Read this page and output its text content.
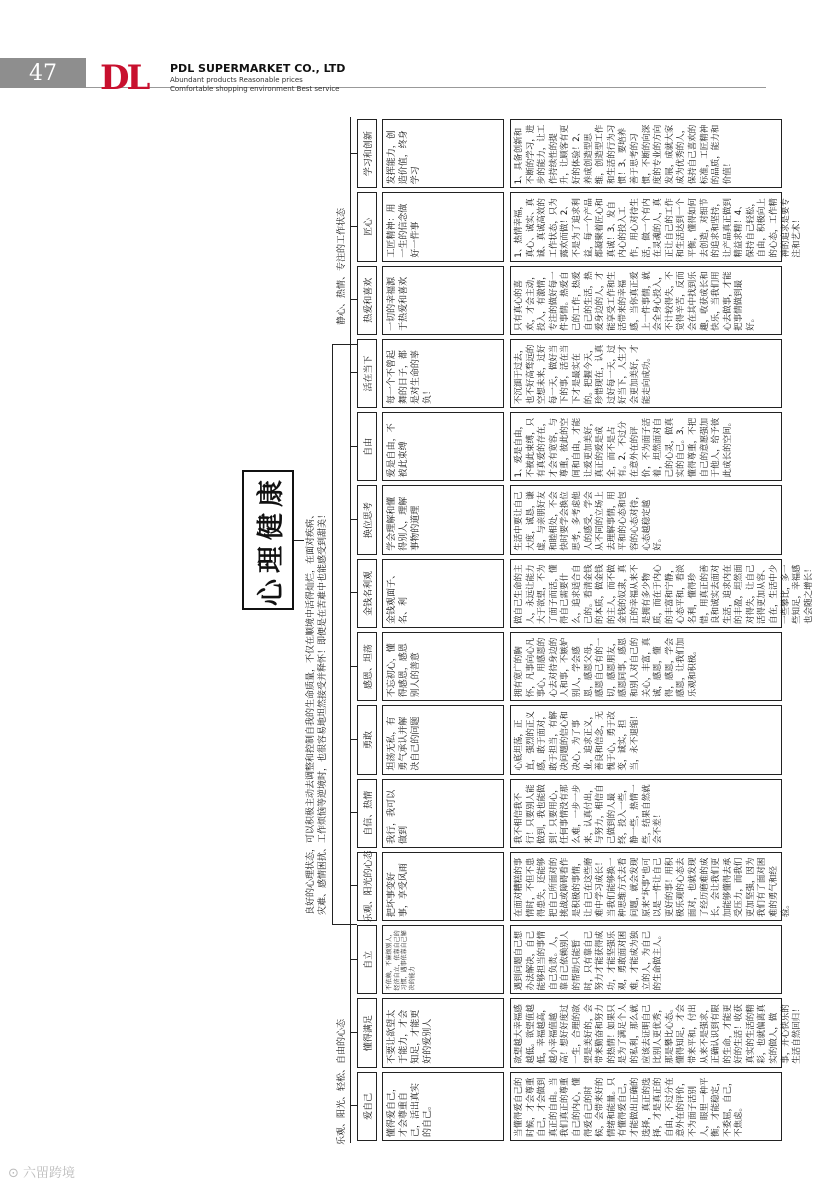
47	DL PDL SUPERMARKET CO., LTD
Abundant products Reasonable prices
Comfortable shopping environment Best service
心理健康	良好的心理状态，可以积极主动去调整和控制自我的生命质量，不仅在顺境中活得灿烂，在面对疾病、 灾难、感情困扰、工作烦恼等逆境时，也很容易地坦然接受并释怀！即便是在苦难中也能感受到甜美！
乐观、阳光、轻松、自由的心态
静心、热情、专注的工作状态
爱自己	懂得爱自己，才会尊重自己，活出真实的自己。	当懂得爱自己的时候，才会尊重自己，才会做到真正的自由。当我们真正的尊重自己的内心，懂得爱自己的时候，会带来好的情绪和能量。只有懂得爱自己，才能做出正确的选择，真正的选择，才是真正的自由，不过分在意外在的评价，不为面子活别人，眼里一种平衡，才能稳定，不委屈，自己，不焦虑。
懂得满足	不要让欲望太于能力，才会知足，才能更好的爱别人	欲望越大幸福感越低。欲望值越低，幸福越高，越小幸福值越高！想好好度过一生，合理的欲望是美好的，会带来勤奋和努力的热情！如果只是为了满足个人的私利，那么就应该去证明自己比别人更优秀，那是攀比心态。懂得知足，才会带来平和，付出从来不是强求，正确认识到有限的生命，才能更好的生活！收获真实的生活的精彩，也就偏离真实的做人，做事，开心快乐的生活自然回归！
自立	不依赖，不麻烦别人，经济自立，依靠自己的习惯，遇事依靠自己解决的能力	遇到问题自己想办法解决，自己能够担当的事情自己负责。人，靠自己依赖别人的帮助只能暂时，只有靠自己努力才能获得成功，才能坚强乐观，勇敢面对困难，才能成为独立的人，为自己的生命做主人。
乐观、阳光的心态	把坏事变好事，享受风雨	在面对糟糕的事情时，不但不患得患失，还能够把自己所面对的挑战或障碍看作是积极的事情，让自己在这些磨难中学习成长！当我们能够换一种思维方式去看问题，就会发现原来“坏事”也可以是一件让自己更好的事！用积极乐观的心态去面对，也就发现了经历磨难的成长，会让我们更加能够懂得去承受压力，而我们更加坚强，因为我们有了面对困难的勇气和经验。
自信、热情	我行，我可以做到	我不相信我不行！只要别人能做到，我也能做到！只要用心，任何事情没有那么难，一步一步来，认真付出，与努力，相信自己做到的人最终，投入一些，静一些，热情一些，结果自然就会不差！
勇敢	坦荡无私，有勇气承认并解决自己的问题	心底坦荡，正直，强烈的正义感，敢于面对，敢于担当，有解决问题的信心和决心，为了事业，追求正义，善良和信念，无愧于心，勇于改变，诚实，担当，永不退缩！
感恩、坦荡	不忘初心，懂得感恩，感恩别人的善意	拥有宽广的胸怀，凡事向心凡事心，用感恩的心去对待身边的人和事，不嫉妒别人，学会感恩，感恩父母，感恩自己有的一切，感恩朋友，感恩同事，感恩和别人对自己的关心，丰富，真诚，感恩，懂得，感恩，学会感恩，让我们加乐观和积极。
金钱名利观	金钱观面子、名、利	做自己生命的主人，永远让能力大于欲望，不为了面子而活，懂得自己需要什么，追求适合自己的。看清金钱的本质，做金钱的主人，而不做金钱的奴隶，真正的幸福从来不是拥有多少物质，而在于内心的丰富和宁静，心态平和，看淡名利，懂得珍惜，用真正的善良和诚实去面对生活，追求内在的丰盈，坦然面对得失，让自己活得更加从容、自在，生活中少一些攀比，多一些知足，幸福感也会随之增长！
换位思考	学会理解和懂得别人，理解事物的道理	生活中要让自己大度，诚恳，谦虚，与亲朋好友和睦相处，不会快时要学会换位思考，多考虑他人的感受，学会从不同的立场上去理解事情，用平和的心态和包容的心态对待，心态越稳定越好。
自由	爱是自由，不被此束缚	1、爱是自由，不被此束缚，只有真爱的存在，才会有宽容，与尊重，彼此的空间和自由，才能让爱更加美好，真正的爱是成全，而不是占有。2、不过分在意外在的评价，不为面子活着，坦然面对自己的心灵，做真实的自己。3、懂得尊重，不把自己的意愿强加于他人，给予彼此成长的空间。
活在当下	每一个不曾起舞的日子，都是对生命的辜负！	不沉湎于过去，也不好高骛远的空想未来，过好每一天，做好当下的事，活在当下才是最实在的。把握今天，珍惜现在，认真过好每一天，过好当下，人生才会更加美好，才能走向成功。
热爱和喜欢	一切的幸福源于热爱和喜欢	只有真心的喜欢，才会主动，投入，有激情，专注的做好每一件事情。热爱自己的工作，热爱自己的生活，热爱身边的人，才能享受工作和生活带来的幸福感，当你真正爱上一件事情，就会全身心投入，不计较得失，不觉得辛苦，反而会在其中找到乐趣，收获成长和快乐，当我们用心去做事，才能把事情做到最好。
匠心	工匠精神：用一生的信念做好一件事	1、热情幸福，真心、诚实、真诚、真诚高效的工作状态，只为露欢而做！2、不是为了追求利益，每一个产品都凝聚着匠心和真诚！3、发自内心的投入工作，用心对待生活，做一个有内在灵魂的人，真正让自己的工作和生活达到一个平衡，懂得如何去创造，对细节的追求和坚持，让产品真正做到精益求精！4、保持自己轻松，自由，积极向上的心态，工作精神的追求是要专注和艺术！
学习和创新	发挥能力，创造价值，终身学习	1、具备创新和不断的学习，进步的能力，让工作持续性的提升，让顾客有更好的体验！2、养成创造型思维，创造型工作和生活的行为习惯！3、要培养善于思考的习惯，不断的向深度的专业的方向发展，成就大家成为优秀的人，保持自己喜欢的标准，工匠精神的品质，能力和价值！
⊙ 六㽞跨境
